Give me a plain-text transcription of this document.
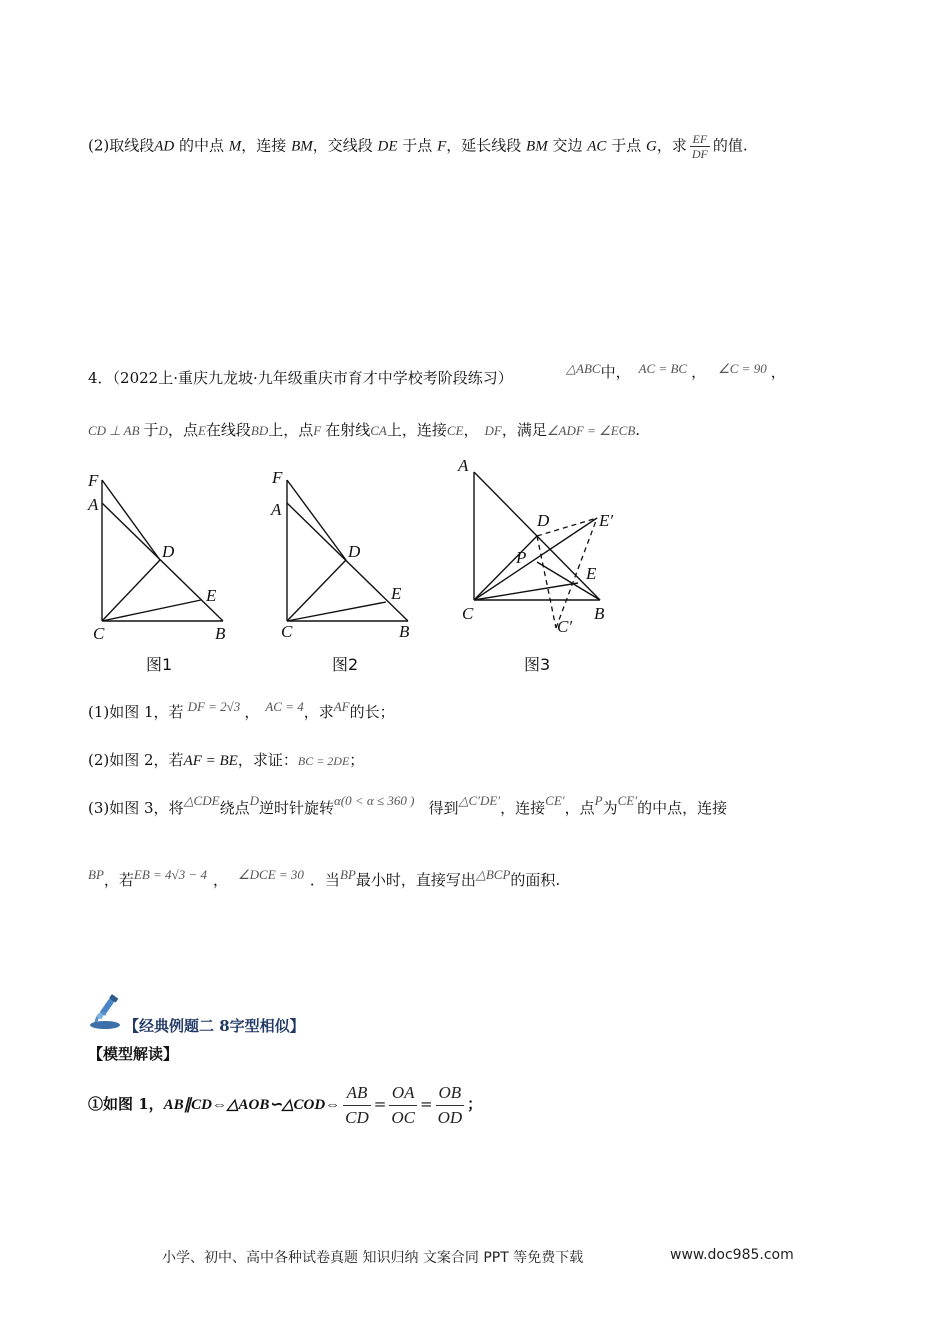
(2)取线段AD 的中点 M，连接 BM，交线段 DE 于点 F，延长线段 BM 交边 AC 于点 G，求 $\frac{EF}{DF}$ 的值.
4．（2022上·重庆九龙坡·九年级重庆市育才中学校考阶段练习）
△ABC中， AC = BC ， ∠C = 90 ，
CD ⊥ AB 于D，点E在线段BD上，点F 在射线CA上，连接CE， DF，满足∠ADF = ∠ECB.
F
A
D
E
C	B
F
A
D
E
C	B
A
D	E′
P
E
C	B
C′
图1	图2	图3
(1)如图 1，若 DF = 2√3 ， AC = 4，求AF的长；
(2)如图 2，若AF = BE，求证：BC = 2DE；
(3)如图 3，将△CDE绕点D逆时针旋转α(0 < α ≤ 360 ) 得到△C′DE′，连接CE′，点P为CE′的中点，连接
BP，若EB = 4√3 − 4 ， ∠DCE = 30 ．当BP最小时，直接写出△BCP的面积.
【经典例题二 8字型相似】
【模型解读】
①如图 1，AB∥CD⇔△AOB∽△COD⇔ $\frac{AB}{CD} = \frac{OA}{OC} = \frac{OB}{OD}$ ；
小学、初中、高中各种试卷真题 知识归纳 文案合同 PPT 等免费下载	www.doc985.com
